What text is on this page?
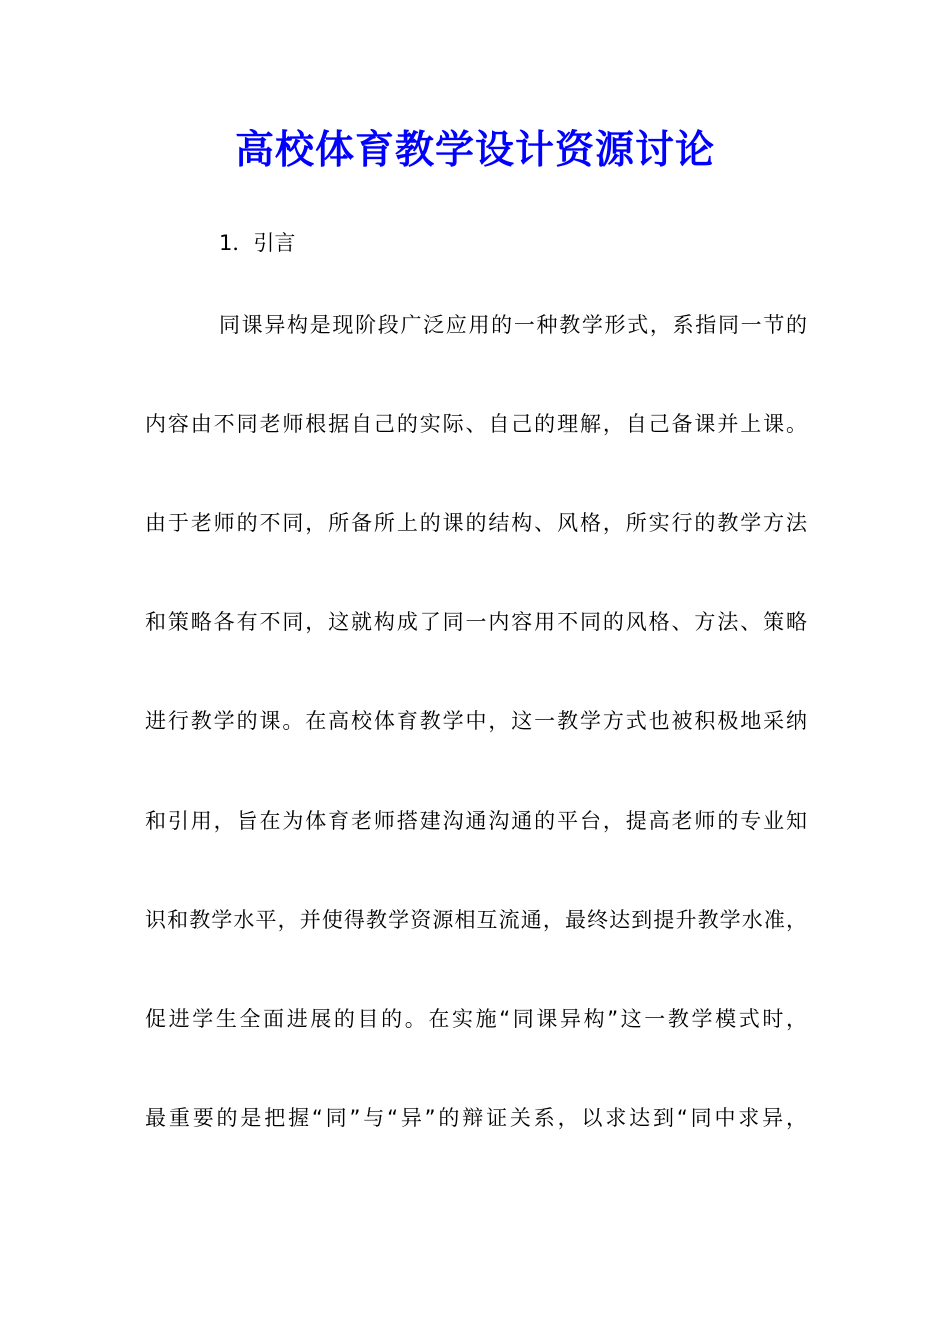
高校体育教学设计资源讨论
1．引言
同课异构是现阶段广泛应用的一种教学形式，系指同一节的
内容由不同老师根据自己的实际、自己的理解，自己备课并上课。
由于老师的不同，所备所上的课的结构、风格，所实行的教学方法
和策略各有不同，这就构成了同一内容用不同的风格、方法、策略
进行教学的课。在高校体育教学中，这一教学方式也被积极地采纳
和引用，旨在为体育老师搭建沟通沟通的平台，提高老师的专业知
识和教学水平，并使得教学资源相互流通，最终达到提升教学水准，
促进学生全面进展的目的。在实施“同课异构”这一教学模式时，
最重要的是把握“同”与“异”的辩证关系，以求达到“同中求异，
